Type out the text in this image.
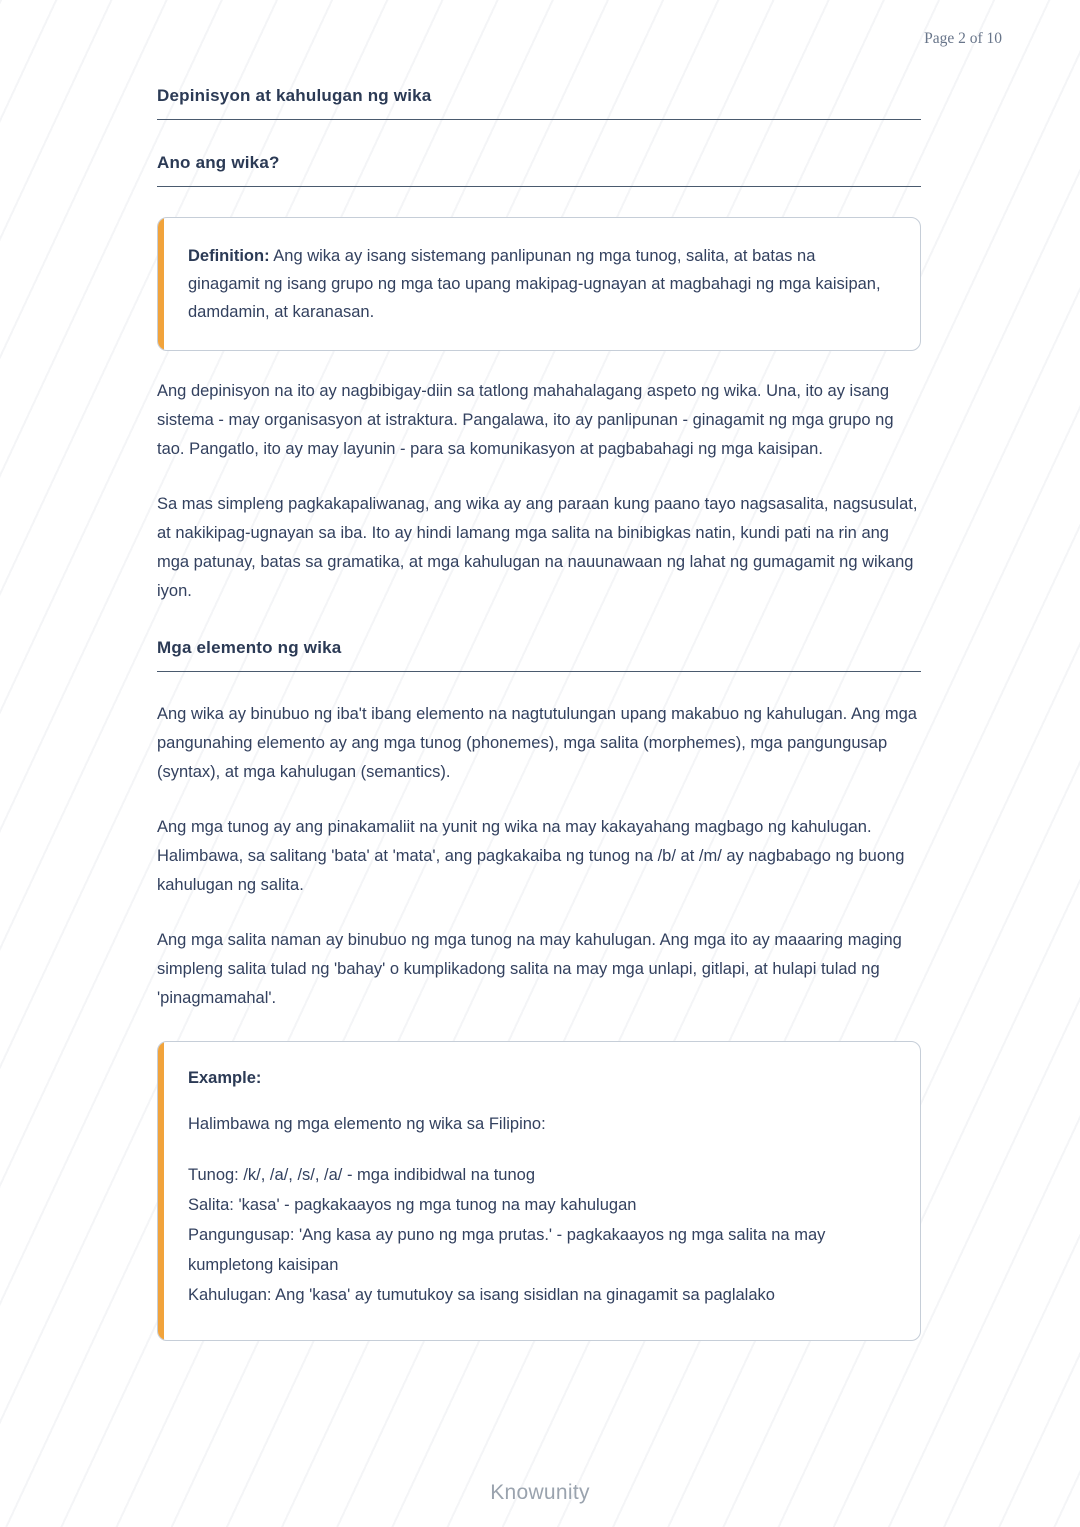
Page 2 of 10
Depinisyon at kahulugan ng wika
Ano ang wika?

Definition: Ang wika ay isang sistemang panlipunan ng mga tunog, salita, at batas na ginagamit ng isang grupo ng mga tao upang makipag-ugnayan at magbahagi ng mga kaisipan, damdamin, at karanasan.

Ang depinisyon na ito ay nagbibigay-diin sa tatlong mahahalagang aspeto ng wika. Una, ito ay isang sistema - may organisasyon at istraktura. Pangalawa, ito ay panlipunan - ginagamit ng mga grupo ng tao. Pangatlo, ito ay may layunin - para sa komunikasyon at pagbabahagi ng mga kaisipan.

Sa mas simpleng pagkakapaliwanag, ang wika ay ang paraan kung paano tayo nagsasalita, nagsusulat, at nakikipag-ugnayan sa iba. Ito ay hindi lamang mga salita na binibigkas natin, kundi pati na rin ang mga patunay, batas sa gramatika, at mga kahulugan na nauunawaan ng lahat ng gumagamit ng wikang iyon.

Mga elemento ng wika

Ang wika ay binubuo ng iba't ibang elemento na nagtutulungan upang makabuo ng kahulugan. Ang mga pangunahing elemento ay ang mga tunog (phonemes), mga salita (morphemes), mga pangungusap (syntax), at mga kahulugan (semantics).

Ang mga tunog ay ang pinakamaliit na yunit ng wika na may kakayahang magbago ng kahulugan. Halimbawa, sa salitang 'bata' at 'mata', ang pagkakaiba ng tunog na /b/ at /m/ ay nagbabago ng buong kahulugan ng salita.

Ang mga salita naman ay binubuo ng mga tunog na may kahulugan. Ang mga ito ay maaaring maging simpleng salita tulad ng 'bahay' o kumplikadong salita na may mga unlapi, gitlapi, at hulapi tulad ng 'pinagmamahal'.

Example:
Halimbawa ng mga elemento ng wika sa Filipino:
Tunog: /k/, /a/, /s/, /a/ - mga indibidwal na tunog
Salita: 'kasa' - pagkakaayos ng mga tunog na may kahulugan
Pangungusap: 'Ang kasa ay puno ng mga prutas.' - pagkakaayos ng mga salita na may kumpletong kaisipan
Kahulugan: Ang 'kasa' ay tumutukoy sa isang sisidlan na ginagamit sa paglalako
Knowunity
